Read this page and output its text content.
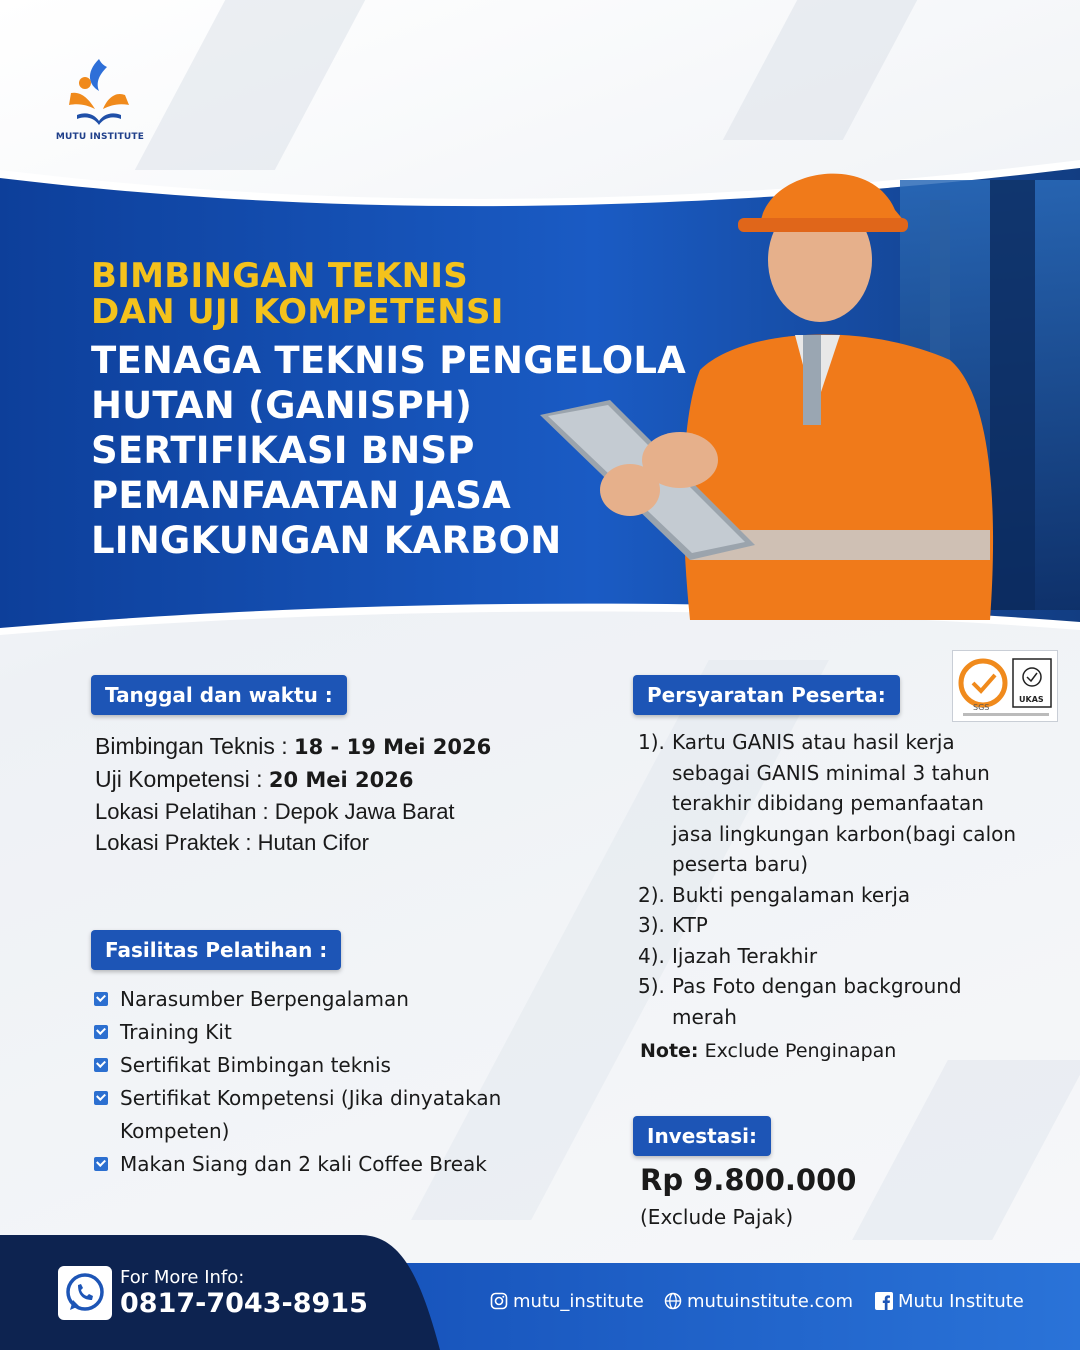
MUTU INSTITUTE
BIMBINGAN TEKNIS
DAN UJI KOMPETENSI
TENAGA TEKNIS PENGELOLA
HUTAN (GANISPH)
SERTIFIKASI BNSP
PEMANFAATAN JASA
LINGKUNGAN KARBON
SGS
UKAS
Tanggal dan waktu :
Bimbingan Teknis : 18 - 19 Mei 2026
Uji Kompetensi : 20 Mei 2026
Lokasi Pelatihan : Depok Jawa Barat
Lokasi Praktek : Hutan Cifor
Fasilitas Pelatihan :
Narasumber Berpengalaman
Training Kit
Sertifikat Bimbingan teknis
Sertifikat Kompetensi (Jika dinyatakan Kompeten)
Makan Siang dan 2 kali Coffee Break
Persyaratan Peserta:
1). Kartu GANIS atau hasil kerja sebagai GANIS minimal 3 tahun terakhir dibidang pemanfaatan jasa lingkungan karbon(bagi calon peserta baru)
2). Bukti pengalaman kerja
3). KTP
4). Ijazah Terakhir
5). Pas Foto dengan background merah
Note: Exclude Penginapan
Investasi:
Rp 9.800.000
(Exclude Pajak)
For More Info:
0817-7043-8915	mutu_institute mutuinstitute.com Mutu Institute
